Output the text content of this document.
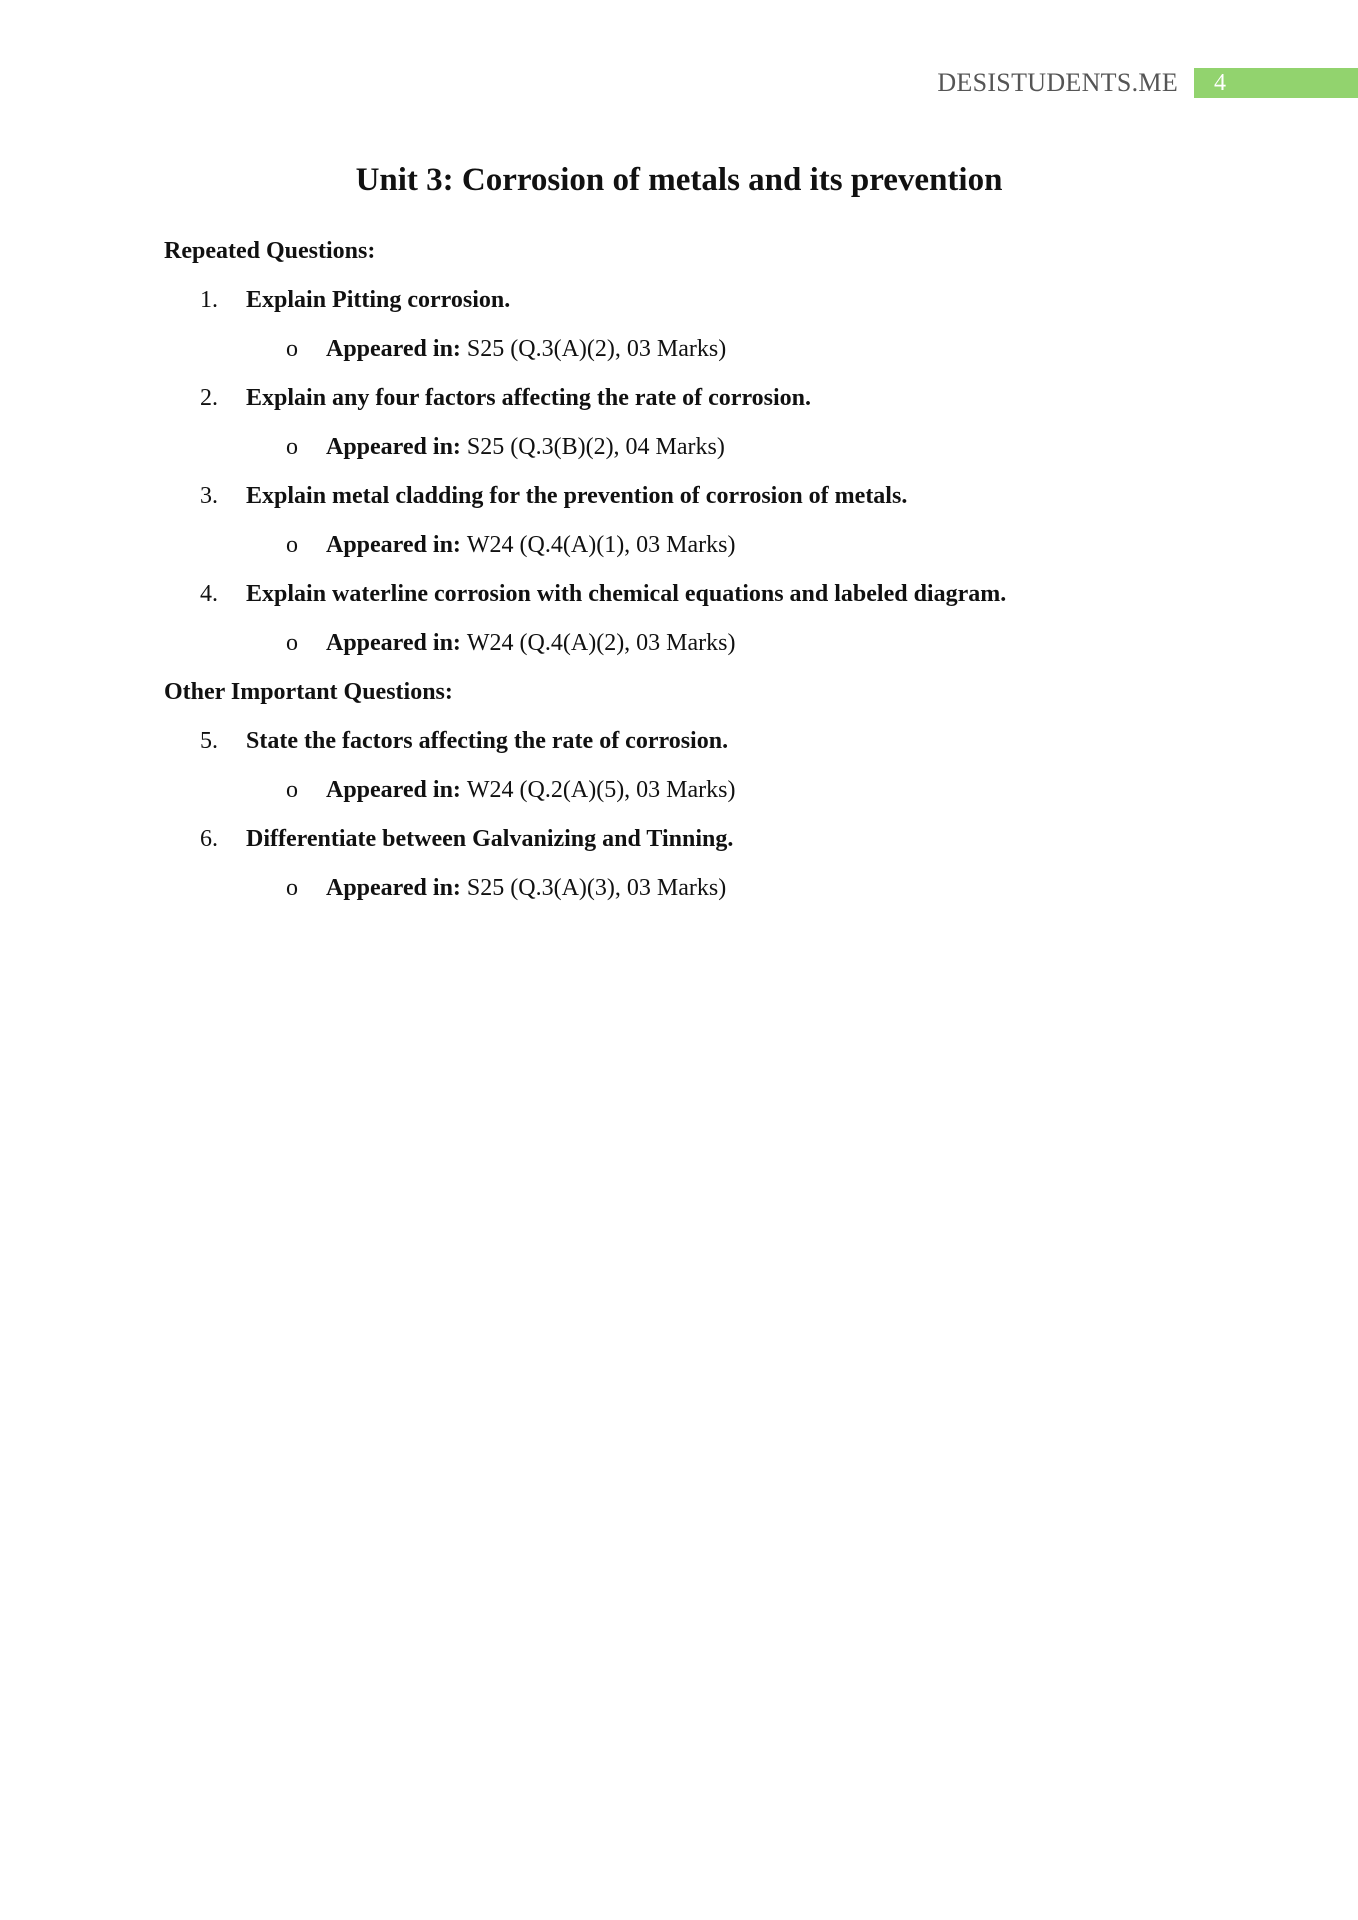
DESISTUDENTS.ME	4
Unit 3: Corrosion of metals and its prevention
Repeated Questions:
1.	Explain Pitting corrosion.
o	Appeared in: S25 (Q.3(A)(2), 03 Marks)
2.	Explain any four factors affecting the rate of corrosion.
o	Appeared in: S25 (Q.3(B)(2), 04 Marks)
3.	Explain metal cladding for the prevention of corrosion of metals.
o	Appeared in: W24 (Q.4(A)(1), 03 Marks)
4.	Explain waterline corrosion with chemical equations and labeled diagram.
o	Appeared in: W24 (Q.4(A)(2), 03 Marks)
Other Important Questions:
5.	State the factors affecting the rate of corrosion.
o	Appeared in: W24 (Q.2(A)(5), 03 Marks)
6.	Differentiate between Galvanizing and Tinning.
o	Appeared in: S25 (Q.3(A)(3), 03 Marks)
